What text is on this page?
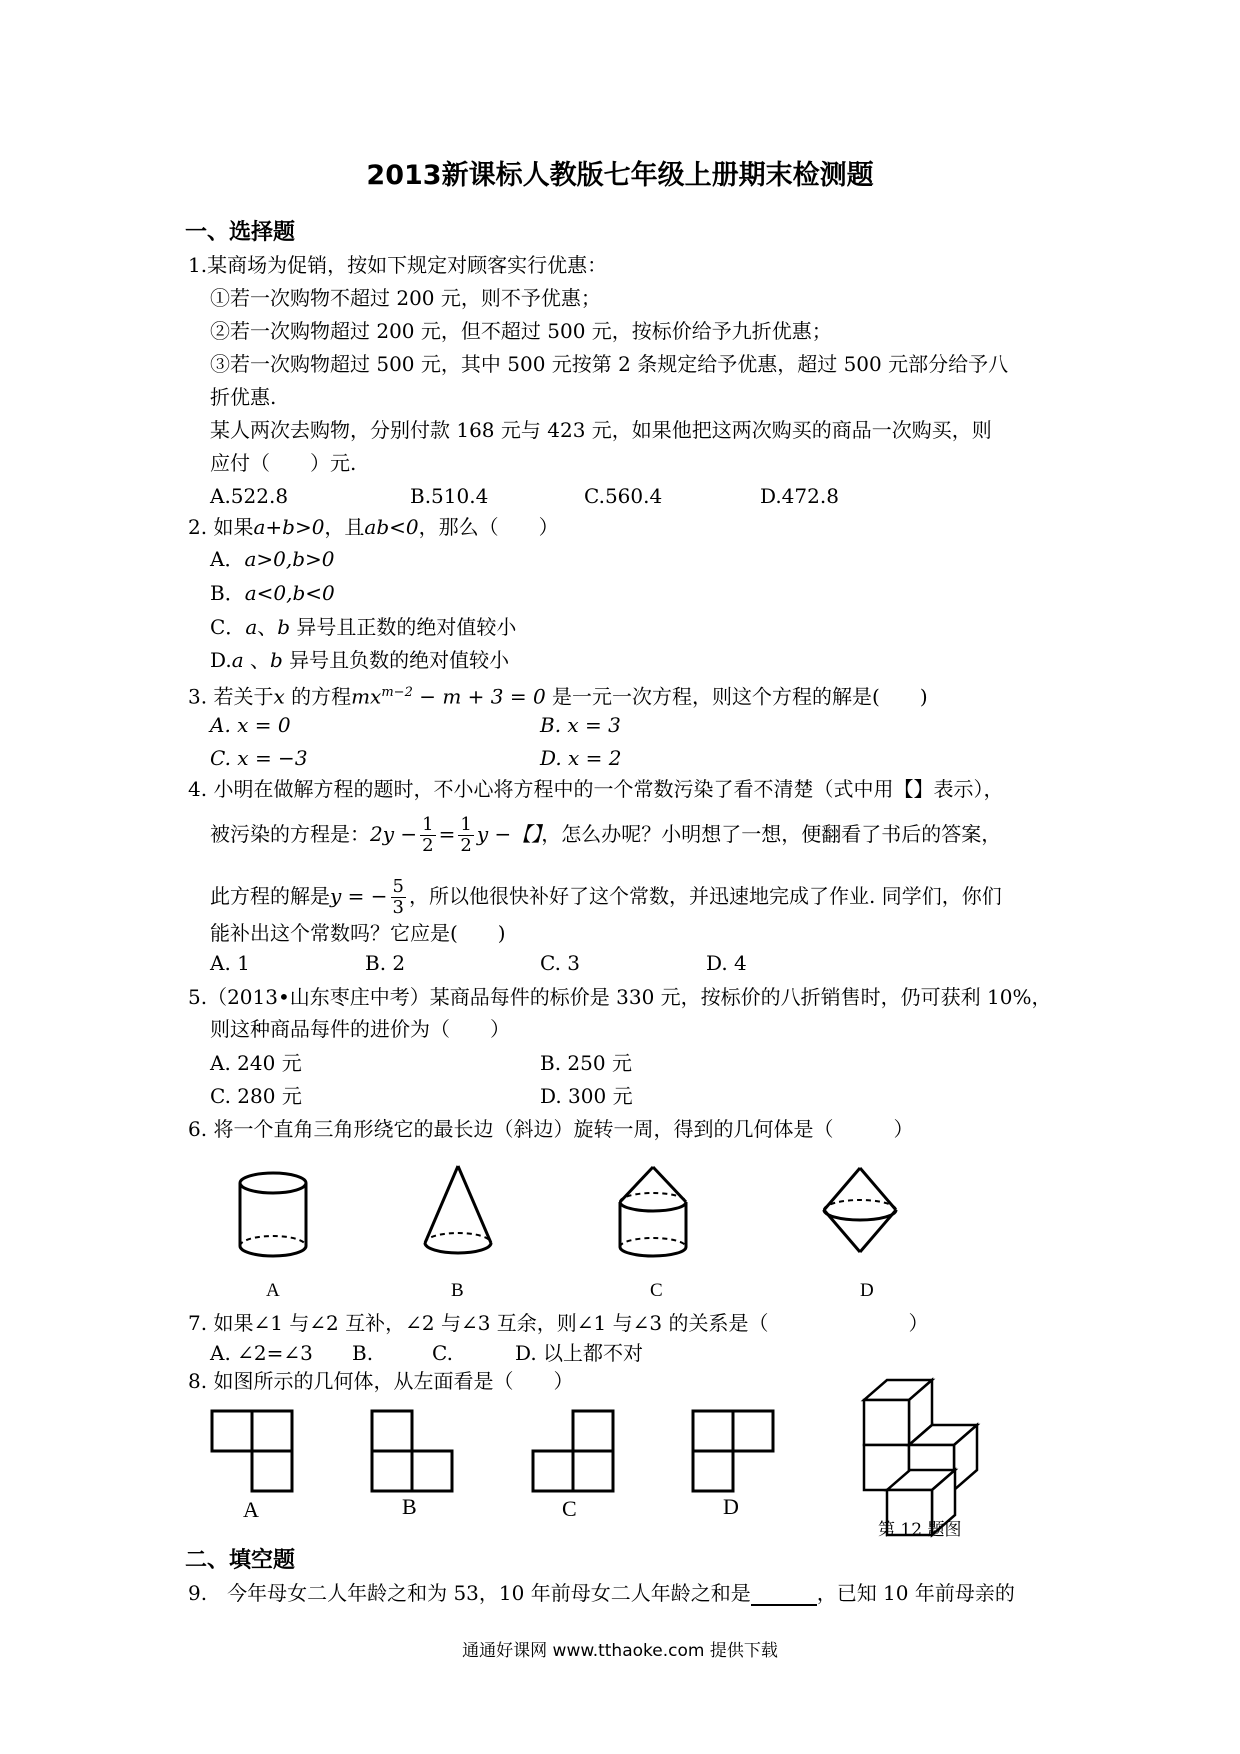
2013新课标人教版七年级上册期末检测题
一、选择题
1.某商场为促销，按如下规定对顾客实行优惠：
①若一次购物不超过 200 元，则不予优惠；
②若一次购物超过 200 元，但不超过 500 元，按标价给予九折优惠；
③若一次购物超过 500 元，其中 500 元按第 2 条规定给予优惠，超过 500 元部分给予八
折优惠.
某人两次去购物，分别付款 168 元与 423 元，如果他把这两次购买的商品一次购买，则
应付（　　）元.
A.522.8	B.510.4	C.560.4	D.472.8
2. 如果a+b>0，且ab<0，那么（　　）
A．a>0,b>0
B．a<0,b<0
C．a、b 异号且正数的绝对值较小
D.a 、b 异号且负数的绝对值较小
3. 若关于x 的方程$mx^{m-2} - m + 3 = 0$ 是一元一次方程，则这个方程的解是(　　)
A. x = 0	B. x = 3
C. x = −3	D. x = 2
4. 小明在做解方程的题时，不小心将方程中的一个常数污染了看不清楚（式中用【】表示），
被污染的方程是：$2y - \frac{1}{2} = \frac{1}{2}$ y −【】，怎么办呢？小明想了一想，便翻看了书后的答案，
此方程的解是y = − $\frac{5}{3}$ ，所以他很快补好了这个常数，并迅速地完成了作业. 同学们，你们
能补出这个常数吗？它应是(　　)
A. 1	B. 2	C. 3	D. 4
5.（2013•山东枣庄中考）某商品每件的标价是 330 元，按标价的八折销售时，仍可获利 10%，
则这种商品每件的进价为（　　）
A. 240 元	B. 250 元
C. 280 元	D. 300 元
6. 将一个直角三角形绕它的最长边（斜边）旋转一周，得到的几何体是（　　　）
A	B	C	D
7. 如果∠1 与∠2 互补，∠2 与∠3 互余，则∠1 与∠3 的关系是（　　　　　　　）
A. ∠2=∠3 B.	C.	D. 以上都不对
8. 如图所示的几何体，从左面看是（　　）
A	B	C	D
第 12 题图
二、填空题
9.　今年母女二人年龄之和为 53，10 年前母女二人年龄之和是	，已知 10 年前母亲的
通通好课网 www.tthaoke.com 提供下载
